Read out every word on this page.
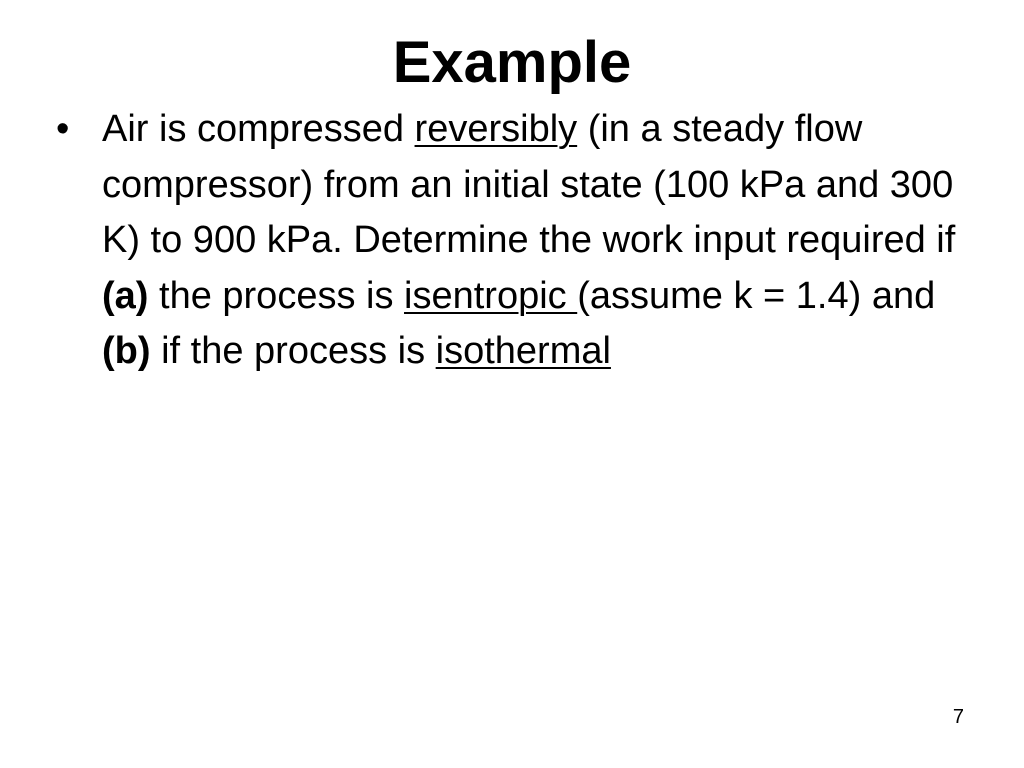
Example
• Air is compressed reversibly (in a steady flow compressor) from an initial state (100 kPa and 300 K) to 900 kPa. Determine the work input required if (a) the process is isentropic (assume k = 1.4) and (b) if the process is isothermal
7
